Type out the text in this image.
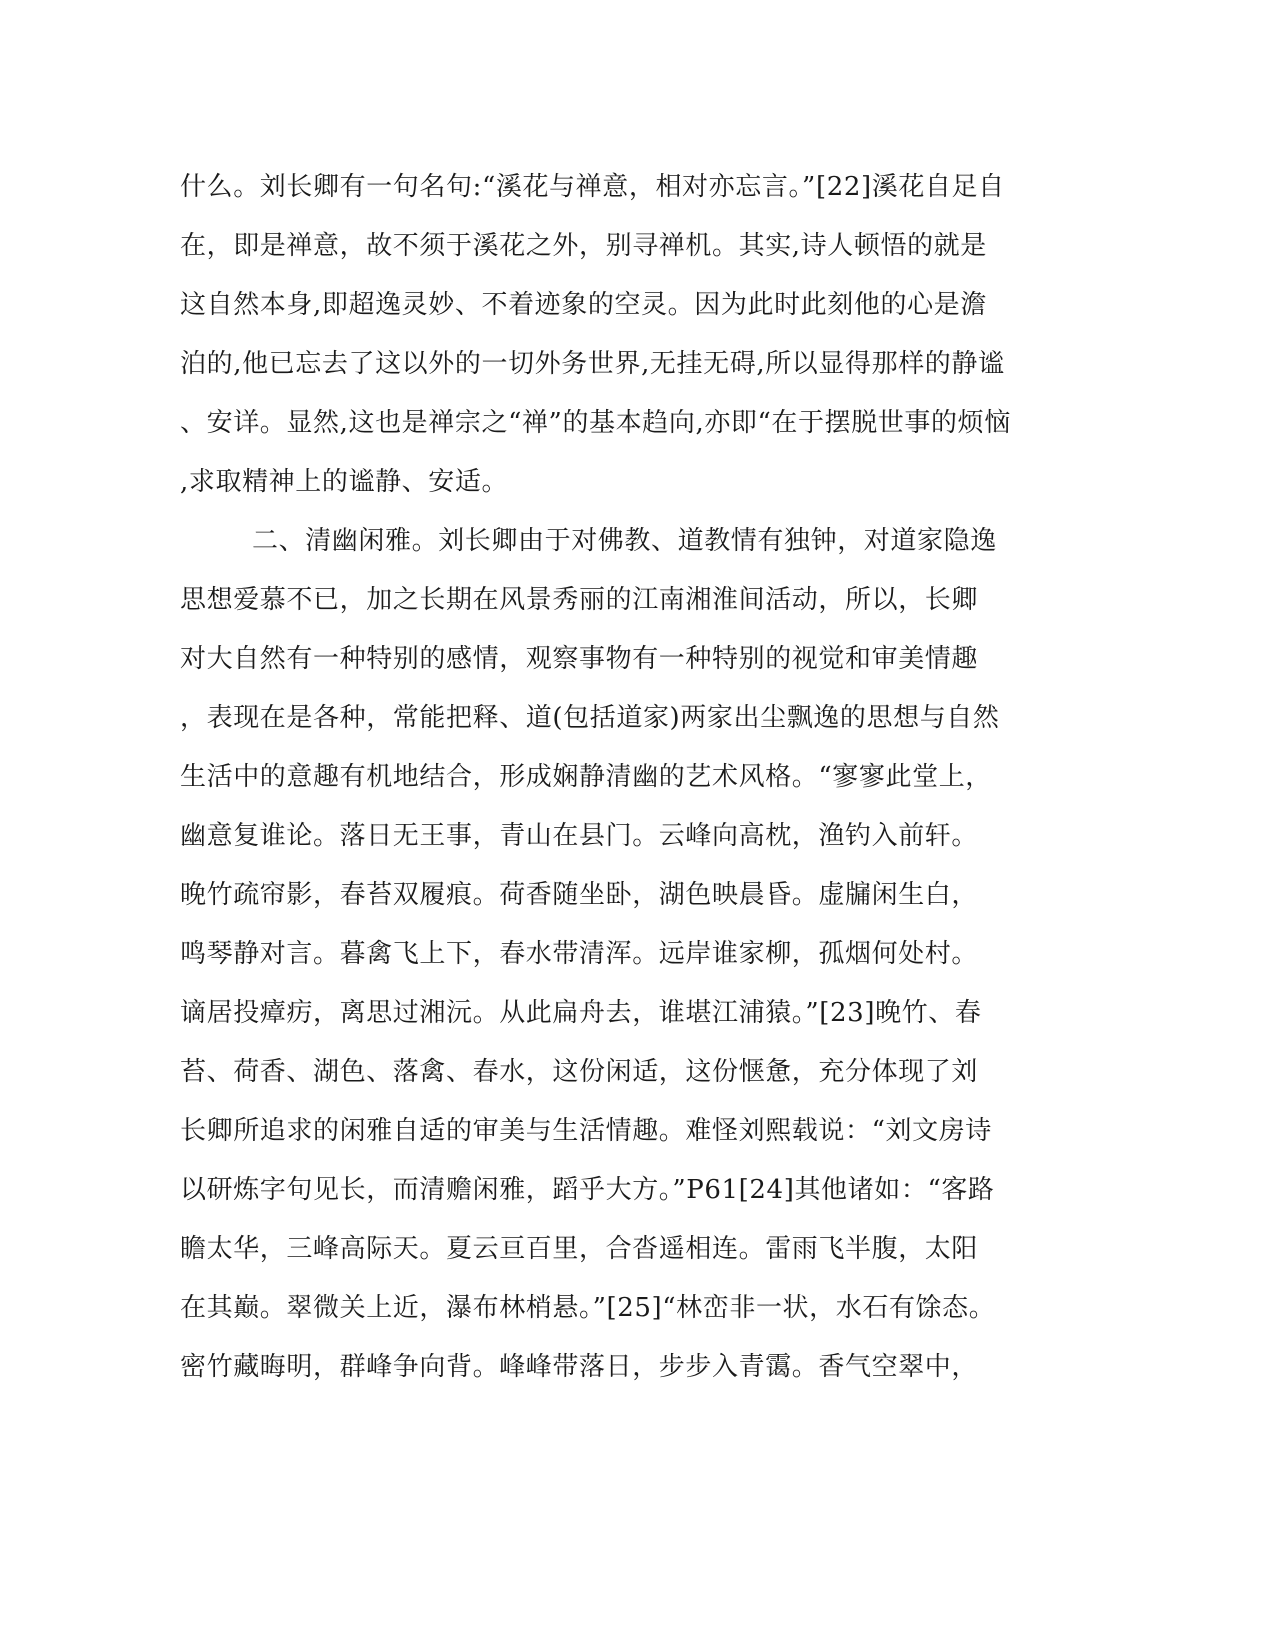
什么。刘长卿有一句名句:“溪花与禅意，相对亦忘言。”[22]溪花自足自
在，即是禅意，故不须于溪花之外，别寻禅机。其实,诗人顿悟的就是
这自然本身,即超逸灵妙、不着迹象的空灵。因为此时此刻他的心是澹
泊的,他已忘去了这以外的一切外务世界,无挂无碍,所以显得那样的静谧
、安详。显然,这也是禅宗之“禅”的基本趋向,亦即“在于摆脱世事的烦恼
,求取精神上的谧静、安适。
二、清幽闲雅。刘长卿由于对佛教、道教情有独钟，对道家隐逸
思想爱慕不已，加之长期在风景秀丽的江南湘淮间活动，所以，长卿
对大自然有一种特别的感情，观察事物有一种特别的视觉和审美情趣
，表现在是各种，常能把释、道(包括道家)两家出尘飘逸的思想与自然
生活中的意趣有机地结合，形成娴静清幽的艺术风格。“寥寥此堂上，
幽意复谁论。落日无王事，青山在县门。云峰向高枕，渔钓入前轩。
晚竹疏帘影，春苔双履痕。荷香随坐卧，湖色映晨昏。虚牖闲生白，
鸣琴静对言。暮禽飞上下，春水带清浑。远岸谁家柳，孤烟何处村。
谪居投瘴疠，离思过湘沅。从此扁舟去，谁堪江浦猿。”[23]晚竹、春
苔、荷香、湖色、落禽、春水，这份闲适，这份惬惫，充分体现了刘
长卿所追求的闲雅自适的审美与生活情趣。难怪刘熙载说：“刘文房诗
以研炼字句见长，而清赡闲雅，蹈乎大方。”P61[24]其他诸如：“客路
瞻太华，三峰高际天。夏云亘百里，合沓遥相连。雷雨飞半腹，太阳
在其巅。翠微关上近，瀑布林梢悬。”[25]“林峦非一状，水石有馀态。
密竹藏晦明，群峰争向背。峰峰带落日，步步入青霭。香气空翠中，
